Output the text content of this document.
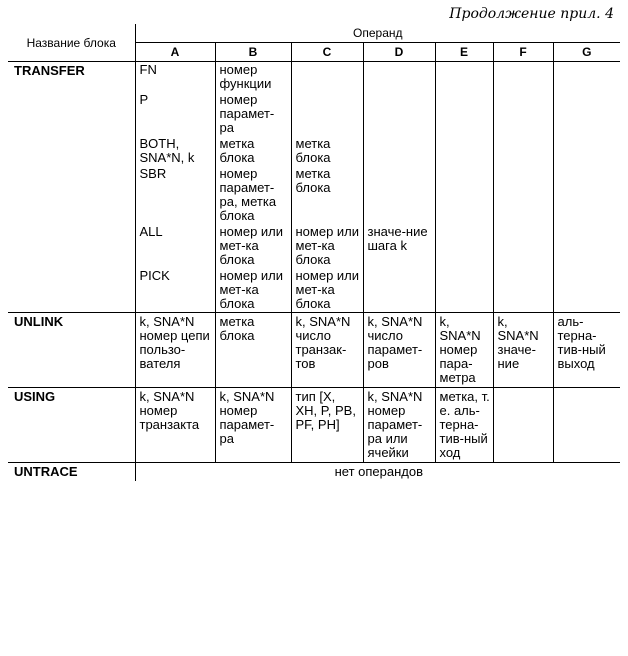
Продолжение прил. 4
Название блока	Операнд						
	A	B	C	D	E	F	G
TRANSFER	FN	номер функции					
	P	номер парамет-ра					
	BOTH, SNA*N, k	метка блока	метка блока				
	SBR	номер парамет-ра, метка блока	метка блока				
	ALL	номер или мет-ка блока	номер или мет-ка блока	значе-ние шага k			
	PICK	номер или мет-ка блока	номер или мет-ка блока				
UNLINK	k, SNA*N номер цепи пользо-вателя	метка блока	k, SNA*N число транзак-тов	k, SNA*N число парамет-ров	k, SNA*N номер пара-метра	k, SNA*N значе-ние	аль-терна-тив-ный выход
USING	k, SNA*N номер транзакта	k, SNA*N номер парамет-ра	тип [X, XH, P, PB, PF, PH]	k, SNA*N номер парамет-ра или ячейки	метка, т. е. аль-терна-тив-ный ход		
UNTRACE	нет операндов						
